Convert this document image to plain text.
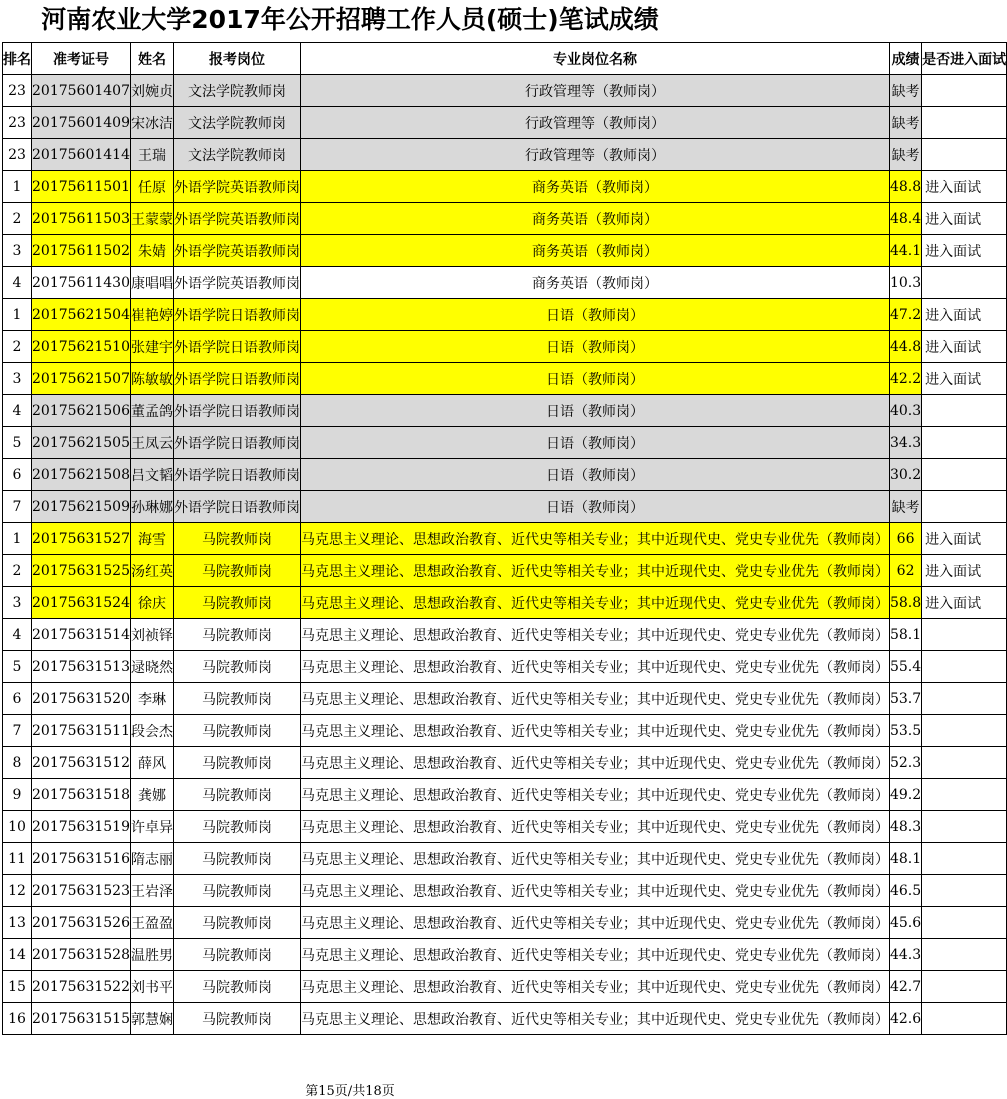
河南农业大学2017年公开招聘工作人员(硕士)笔试成绩
排名	准考证号	姓名	报考岗位	专业岗位名称	成绩	是否进入面试
23	20175601407	刘婉贞	文法学院教师岗	行政管理等（教师岗）	缺考	
23	20175601409	宋冰洁	文法学院教师岗	行政管理等（教师岗）	缺考	
23	20175601414	王瑞	文法学院教师岗	行政管理等（教师岗）	缺考	
1	20175611501	任原	外语学院英语教师岗	商务英语（教师岗）	48.8	进入面试
2	20175611503	王蒙蒙	外语学院英语教师岗	商务英语（教师岗）	48.4	进入面试
3	20175611502	朱婧	外语学院英语教师岗	商务英语（教师岗）	44.1	进入面试
4	20175611430	康唱唱	外语学院英语教师岗	商务英语（教师岗）	10.3	
1	20175621504	崔艳婷	外语学院日语教师岗	日语（教师岗）	47.2	进入面试
2	20175621510	张建宇	外语学院日语教师岗	日语（教师岗）	44.8	进入面试
3	20175621507	陈敏敏	外语学院日语教师岗	日语（教师岗）	42.2	进入面试
4	20175621506	董孟鸽	外语学院日语教师岗	日语（教师岗）	40.3	
5	20175621505	王凤云	外语学院日语教师岗	日语（教师岗）	34.3	
6	20175621508	吕文韬	外语学院日语教师岗	日语（教师岗）	30.2	
7	20175621509	孙琳娜	外语学院日语教师岗	日语（教师岗）	缺考	
1	20175631527	海雪	马院教师岗	马克思主义理论、思想政治教育、近代史等相关专业；其中近现代史、党史专业优先（教师岗）	66	进入面试
2	20175631525	汤红英	马院教师岗	马克思主义理论、思想政治教育、近代史等相关专业；其中近现代史、党史专业优先（教师岗）	62	进入面试
3	20175631524	徐庆	马院教师岗	马克思主义理论、思想政治教育、近代史等相关专业；其中近现代史、党史专业优先（教师岗）	58.8	进入面试
4	20175631514	刘祯铎	马院教师岗	马克思主义理论、思想政治教育、近代史等相关专业；其中近现代史、党史专业优先（教师岗）	58.1	
5	20175631513	逯晓然	马院教师岗	马克思主义理论、思想政治教育、近代史等相关专业；其中近现代史、党史专业优先（教师岗）	55.4	
6	20175631520	李琳	马院教师岗	马克思主义理论、思想政治教育、近代史等相关专业；其中近现代史、党史专业优先（教师岗）	53.7	
7	20175631511	段会杰	马院教师岗	马克思主义理论、思想政治教育、近代史等相关专业；其中近现代史、党史专业优先（教师岗）	53.5	
8	20175631512	薛风	马院教师岗	马克思主义理论、思想政治教育、近代史等相关专业；其中近现代史、党史专业优先（教师岗）	52.3	
9	20175631518	龚娜	马院教师岗	马克思主义理论、思想政治教育、近代史等相关专业；其中近现代史、党史专业优先（教师岗）	49.2	
10	20175631519	许卓异	马院教师岗	马克思主义理论、思想政治教育、近代史等相关专业；其中近现代史、党史专业优先（教师岗）	48.3	
11	20175631516	隋志丽	马院教师岗	马克思主义理论、思想政治教育、近代史等相关专业；其中近现代史、党史专业优先（教师岗）	48.1	
12	20175631523	王岩泽	马院教师岗	马克思主义理论、思想政治教育、近代史等相关专业；其中近现代史、党史专业优先（教师岗）	46.5	
13	20175631526	王盈盈	马院教师岗	马克思主义理论、思想政治教育、近代史等相关专业；其中近现代史、党史专业优先（教师岗）	45.6	
14	20175631528	温胜男	马院教师岗	马克思主义理论、思想政治教育、近代史等相关专业；其中近现代史、党史专业优先（教师岗）	44.3	
15	20175631522	刘书平	马院教师岗	马克思主义理论、思想政治教育、近代史等相关专业；其中近现代史、党史专业优先（教师岗）	42.7	
16	20175631515	郭慧娴	马院教师岗	马克思主义理论、思想政治教育、近代史等相关专业；其中近现代史、党史专业优先（教师岗）	42.6	
第15页/共18页
